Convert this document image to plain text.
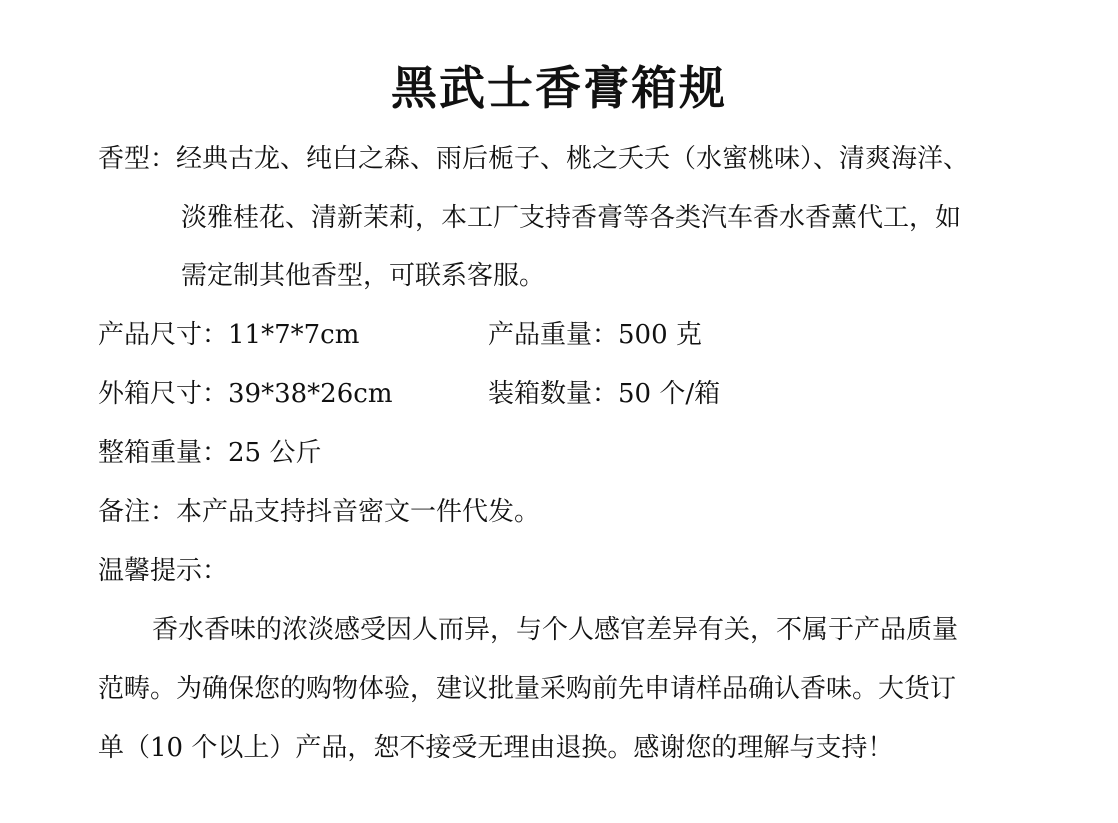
黑武士香膏箱规
香型：经典古龙、纯白之森、雨后栀子、桃之夭夭（水蜜桃味）、清爽海洋、
淡雅桂花、清新茉莉，本工厂支持香膏等各类汽车香水香薰代工，如
需定制其他香型，可联系客服。
产品尺寸：11*7*7cm	产品重量：500 克
外箱尺寸：39*38*26cm	装箱数量：50 个/箱
整箱重量：25 公斤
备注：本产品支持抖音密文一件代发。
温馨提示：
香水香味的浓淡感受因人而异，与个人感官差异有关，不属于产品质量
范畴。为确保您的购物体验，建议批量采购前先申请样品确认香味。大货订
单（10 个以上）产品，恕不接受无理由退换。感谢您的理解与支持！
